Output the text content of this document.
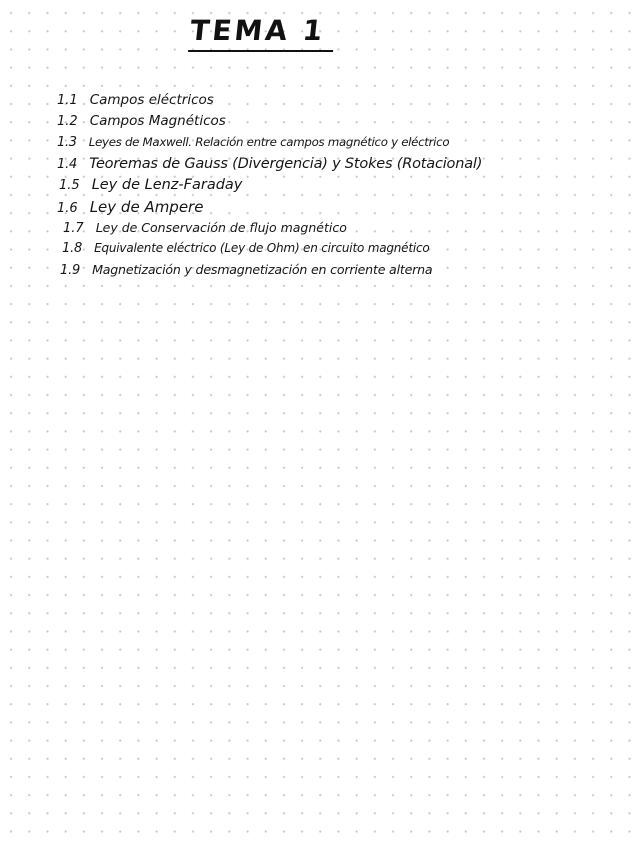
TEMA 1
1.1 Campos eléctricos
1.2 Campos Magnéticos
1.3 Leyes de Maxwell. Relación entre campos magnético y eléctrico
1.4 Teoremas de Gauss (Divergencia) y Stokes (Rotacional)
1.5 Ley de Lenz-Faraday
1.6 Ley de Ampere
1.7 Ley de Conservación de flujo magnético
1.8 Equivalente eléctrico (Ley de Ohm) en circuito magnético
1.9 Magnetización y desmagnetización en corriente alterna
